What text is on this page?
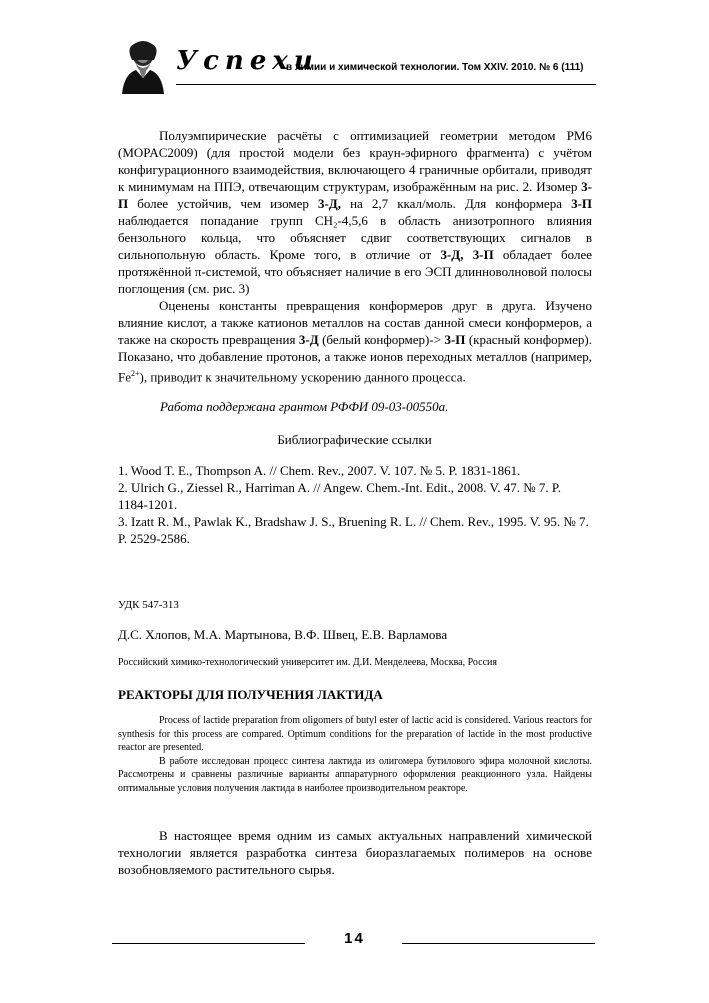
Успехи
в химии и химической технологии. Том XXIV. 2010. № 6 (111)

Полуэмпирические расчёты с оптимизацией геометрии методом PM6 (MOPAC2009) (для простой модели без краун-эфирного фрагмента) с учётом конфигурационного взаимодействия, включающего 4 граничные орбитали, приводят к минимумам на ППЭ, отвечающим структурам, изображённым на рис. 2. Изомер 3-П более устойчив, чем изомер 3-Д, на 2,7 ккал/моль. Для конформера 3-П наблюдается попадание групп CH₂-4,5,6 в область анизотропного влияния бензольного кольца, что объясняет сдвиг соответствующих сигналов в сильнопольную область. Кроме того, в отличие от 3-Д, 3-П обладает более протяжённой π-системой, что объясняет наличие в его ЭСП длинноволновой полосы поглощения (см. рис. 3)

Оценены константы превращения конформеров друг в друга. Изучено влияние кислот, а также катионов металлов на состав данной смеси конформеров, а также на скорость превращения 3-Д (белый конформер)-> 3-П (красный конформер). Показано, что добавление протонов, а также ионов переходных металлов (например, $Fe^{2+}$), приводит к значительному ускорению данного процесса.

Работа поддержана грантом РФФИ 09-03-00550а.
Библиографические ссылки

1. Wood T. E., Thompson A. // Chem. Rev., 2007. V. 107. № 5. P. 1831-1861.

2. Ulrich G., Ziessel R., Harriman A. // Angew. Chem.-Int. Edit., 2008. V. 47. № 7. P. 1184-1201.

3. Izatt R. M., Pawlak K., Bradshaw J. S., Bruening R. L. // Chem. Rev., 1995. V. 95. № 7. P. 2529-2586.

УДК 547-313
Д.С. Хлопов, М.А. Мартынова, В.Ф. Швец, Е.В. Варламова
Российский химико-технологический университет им. Д.И. Менделеева, Москва, Россия
РЕАКТОРЫ ДЛЯ ПОЛУЧЕНИЯ ЛАКТИДА

Process of lactide preparation from oligomers of butyl ester of lactic acid is considered. Various reactors for synthesis for this process are compared. Optimum conditions for the preparation of lactide in the most productive reactor are presented.

В работе исследован процесс синтеза лактида из олигомера бутилового эфира молочной кислоты. Рассмотрены и сравнены различные варианты аппаратурного оформления реакционного узла. Найдены оптимальные условия получения лактида в наиболее производительном реакторе.

В настоящее время одним из самых актуальных направлений химической технологии является разработка синтеза биоразлагаемых полимеров на основе возобновляемого растительного сырья.

14
